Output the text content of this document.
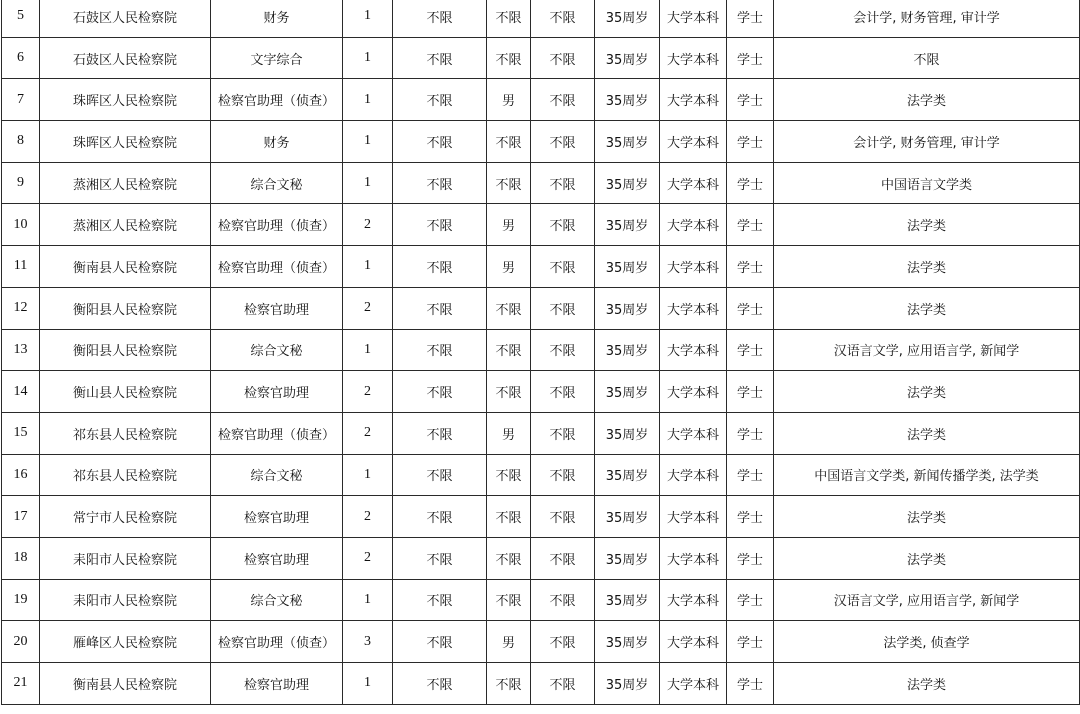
5	石鼓区人民检察院	财务	1	不限	不限	不限	35周岁	大学本科	学士	会计学, 财务管理, 审计学
6	石鼓区人民检察院	文字综合	1	不限	不限	不限	35周岁	大学本科	学士	不限
7	珠晖区人民检察院	检察官助理（侦查）	1	不限	男	不限	35周岁	大学本科	学士	法学类
8	珠晖区人民检察院	财务	1	不限	不限	不限	35周岁	大学本科	学士	会计学, 财务管理, 审计学
9	蒸湘区人民检察院	综合文秘	1	不限	不限	不限	35周岁	大学本科	学士	中国语言文学类
10	蒸湘区人民检察院	检察官助理（侦查）	2	不限	男	不限	35周岁	大学本科	学士	法学类
11	衡南县人民检察院	检察官助理（侦查）	1	不限	男	不限	35周岁	大学本科	学士	法学类
12	衡阳县人民检察院	检察官助理	2	不限	不限	不限	35周岁	大学本科	学士	法学类
13	衡阳县人民检察院	综合文秘	1	不限	不限	不限	35周岁	大学本科	学士	汉语言文学, 应用语言学, 新闻学
14	衡山县人民检察院	检察官助理	2	不限	不限	不限	35周岁	大学本科	学士	法学类
15	祁东县人民检察院	检察官助理（侦查）	2	不限	男	不限	35周岁	大学本科	学士	法学类
16	祁东县人民检察院	综合文秘	1	不限	不限	不限	35周岁	大学本科	学士	中国语言文学类, 新闻传播学类, 法学类
17	常宁市人民检察院	检察官助理	2	不限	不限	不限	35周岁	大学本科	学士	法学类
18	耒阳市人民检察院	检察官助理	2	不限	不限	不限	35周岁	大学本科	学士	法学类
19	耒阳市人民检察院	综合文秘	1	不限	不限	不限	35周岁	大学本科	学士	汉语言文学, 应用语言学, 新闻学
20	雁峰区人民检察院	检察官助理（侦查）	3	不限	男	不限	35周岁	大学本科	学士	法学类, 侦查学
21	衡南县人民检察院	检察官助理	1	不限	不限	不限	35周岁	大学本科	学士	法学类
